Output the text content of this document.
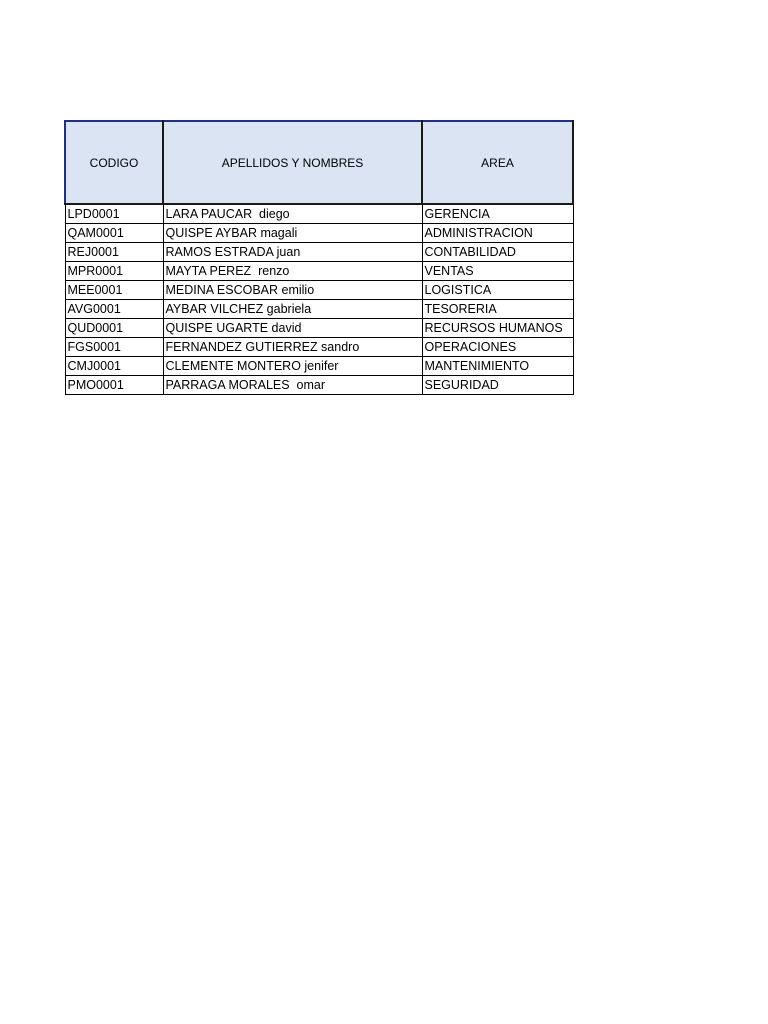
CODIGO	APELLIDOS Y NOMBRES	AREA
LPD0001	LARA PAUCAR  diego	GERENCIA
QAM0001	QUISPE AYBAR magali	ADMINISTRACION
REJ0001	RAMOS ESTRADA juan	CONTABILIDAD
MPR0001	MAYTA PEREZ  renzo	VENTAS
MEE0001	MEDINA ESCOBAR emilio	LOGISTICA
AVG0001	AYBAR VILCHEZ gabriela	TESORERIA
QUD0001	QUISPE UGARTE david	RECURSOS HUMANOS
FGS0001	FERNANDEZ GUTIERREZ sandro	OPERACIONES
CMJ0001	CLEMENTE MONTERO jenifer	MANTENIMIENTO
PMO0001	PARRAGA MORALES  omar	SEGURIDAD
